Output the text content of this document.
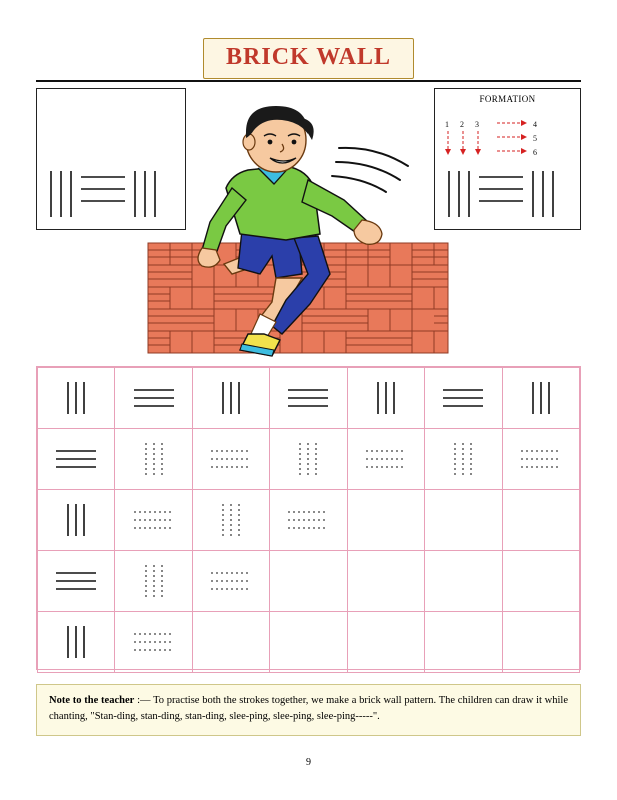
BRICK WALL
FORMATION
1 2 3	4
5
6

Note to the teacher :— To practise both the strokes together, we make a brick wall pattern. The children can draw it while chanting, "Stan-ding, stan-ding, stan-ding, slee-ping, slee-ping, slee-ping-----".
9
